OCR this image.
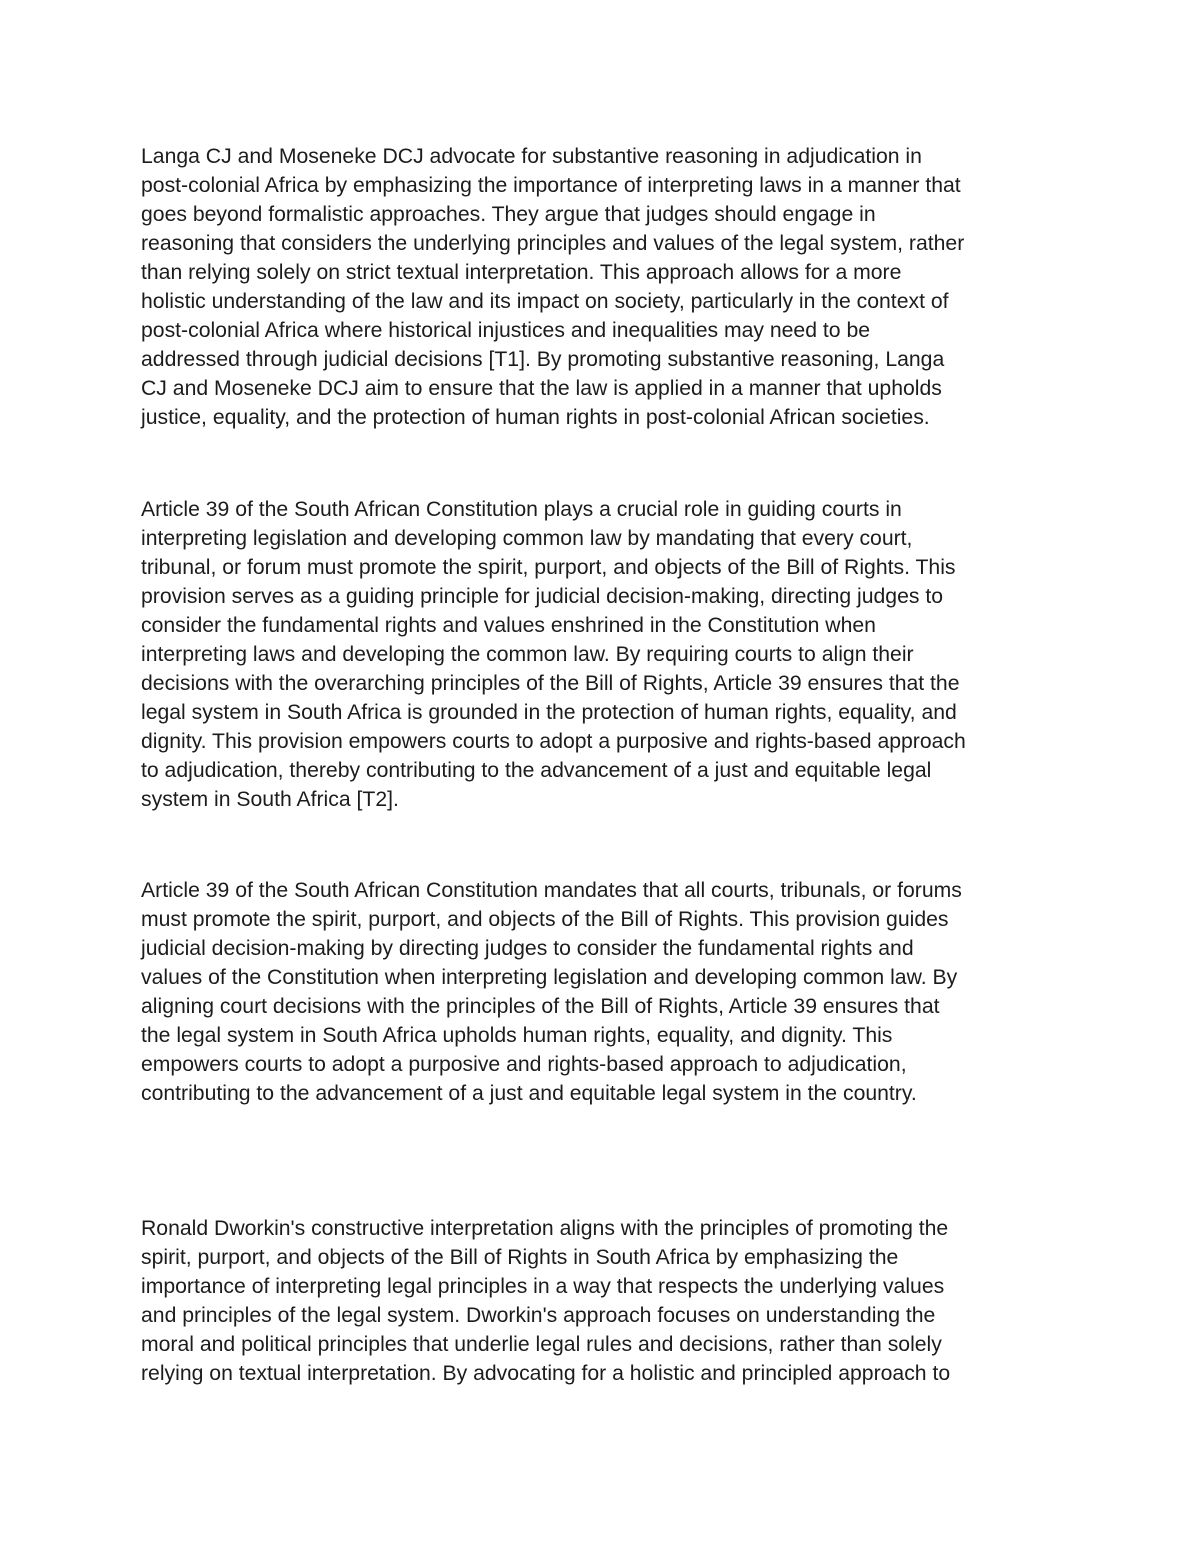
Langa CJ and Moseneke DCJ advocate for substantive reasoning in adjudication in

post-colonial Africa by emphasizing the importance of interpreting laws in a manner that

goes beyond formalistic approaches. They argue that judges should engage in

reasoning that considers the underlying principles and values of the legal system, rather

than relying solely on strict textual interpretation. This approach allows for a more

holistic understanding of the law and its impact on society, particularly in the context of

post-colonial Africa where historical injustices and inequalities may need to be

addressed through judicial decisions [T1]. By promoting substantive reasoning, Langa

CJ and Moseneke DCJ aim to ensure that the law is applied in a manner that upholds

justice, equality, and the protection of human rights in post-colonial African societies.

Article 39 of the South African Constitution plays a crucial role in guiding courts in

interpreting legislation and developing common law by mandating that every court,

tribunal, or forum must promote the spirit, purport, and objects of the Bill of Rights. This

provision serves as a guiding principle for judicial decision-making, directing judges to

consider the fundamental rights and values enshrined in the Constitution when

interpreting laws and developing the common law. By requiring courts to align their

decisions with the overarching principles of the Bill of Rights, Article 39 ensures that the

legal system in South Africa is grounded in the protection of human rights, equality, and

dignity. This provision empowers courts to adopt a purposive and rights-based approach

to adjudication, thereby contributing to the advancement of a just and equitable legal

system in South Africa [T2].

Article 39 of the South African Constitution mandates that all courts, tribunals, or forums

must promote the spirit, purport, and objects of the Bill of Rights. This provision guides

judicial decision-making by directing judges to consider the fundamental rights and

values of the Constitution when interpreting legislation and developing common law. By

aligning court decisions with the principles of the Bill of Rights, Article 39 ensures that

the legal system in South Africa upholds human rights, equality, and dignity. This

empowers courts to adopt a purposive and rights-based approach to adjudication,

contributing to the advancement of a just and equitable legal system in the country.

Ronald Dworkin's constructive interpretation aligns with the principles of promoting the

spirit, purport, and objects of the Bill of Rights in South Africa by emphasizing the

importance of interpreting legal principles in a way that respects the underlying values

and principles of the legal system. Dworkin's approach focuses on understanding the

moral and political principles that underlie legal rules and decisions, rather than solely

relying on textual interpretation. By advocating for a holistic and principled approach to
